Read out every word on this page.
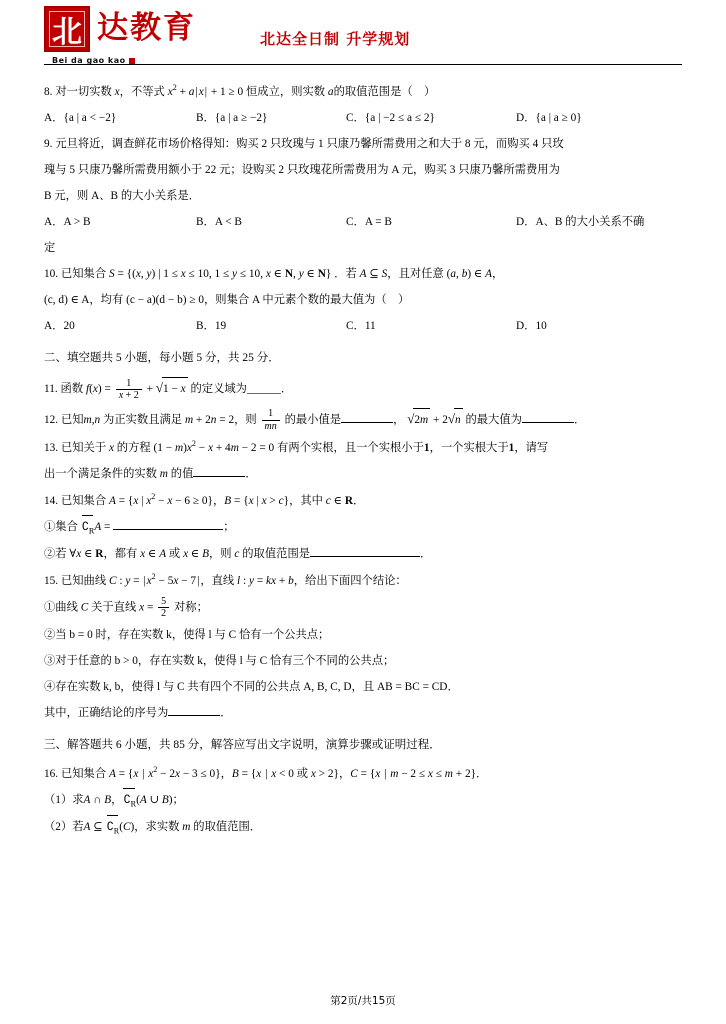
北 达教育
Bei da gao kao
北达全日制 升学规划
8. 对一切实数 x，不等式 $x^2 + a|x| + 1 \ge 0$ 恒成立，则实数 a的取值范围是（　）
A．{a | a < −2}	B．{a | a ≥ −2}	C．{a | −2 ≤ a ≤ 2}	D．{a | a ≥ 0}
9. 元旦将近，调查鲜花市场价格得知：购买 2 只玫瑰与 1 只康乃馨所需费用之和大于 8 元，而购买 4 只玫
瑰与 5 只康乃馨所需费用额小于 22 元；设购买 2 只玫瑰花所需费用为 A 元，购买 3 只康乃馨所需费用为
B 元，则 A、B 的大小关系是．
A．A > B	B．A < B	C．A = B	D．A、B 的大小关系不确
定
10. 已知集合 S = {(x, y) | 1 ≤ x ≤ 10, 1 ≤ y ≤ 10, x ∈ N, y ∈ N} ．若 A ⊆ S，且对任意 (a, b) ∈ A，
(c, d) ∈ A，均有 (c − a)(d − b) ≥ 0，则集合 A 中元素个数的最大值为（　）
A．20	B．19	C．11	D．10
二、填空题共 5 小题，每小题 5 分，共 25 分．
11. 函数 $f(x) = \frac{1}{x + 2} + √1 - x$ 的定义域为______．
12. 已知m,n 为正实数且满足 m + 2n = 2，则 $\frac{1}{mn}$ 的最小值是	， √2m + 2√n 的最大值为	．
13. 已知关于 x 的方程 $(1 - m)x^2 - x + 4m - 2 = 0$ 有两个实根，且一个实根小于1，一个实根大于1，请写
出一个满足条件的实数 m 的值	．
14. 已知集合 A = {x | $x^2 - x - 6 \ge 0$}，B = {x | x > c}，其中 c ∈ R．
①集合
$∁_RA$ =	；
②若 ∀x ∈ R，都有 x ∈ A 或 x ∈ B，则 c 的取值范围是	．
15. 已知曲线 C : $y = |x^2 - 5x - 7|$，直线 l : y = kx + b，给出下面四个结论：
①曲线 C 关于直线 $x = \frac{5}{2}$ 对称；
②当 b = 0 时，存在实数 k，使得 l 与 C 恰有一个公共点；
③对于任意的 b > 0，存在实数 k，使得 l 与 C 恰有三个不同的公共点；
④存在实数 k, b，使得 l 与 C 共有四个不同的公共点 A, B, C, D，且 AB = BC = CD．
其中，正确结论的序号为	．
三、解答题共 6 小题，共 85 分，解答应写出文字说明，演算步骤或证明过程．
16. 已知集合 A = {x | $x^2 - 2x - 3 \le 0$}，B = {x | x < 0 或 x > 2}，C = {x | m − 2 ≤ x ≤ m + 2}．
（1）求A ∩ B，
$∁_R(A$ ∪ B)；
（2）若A ⊆
$∁_R(C)$，求实数 m 的取值范围．
第2页/共15页
